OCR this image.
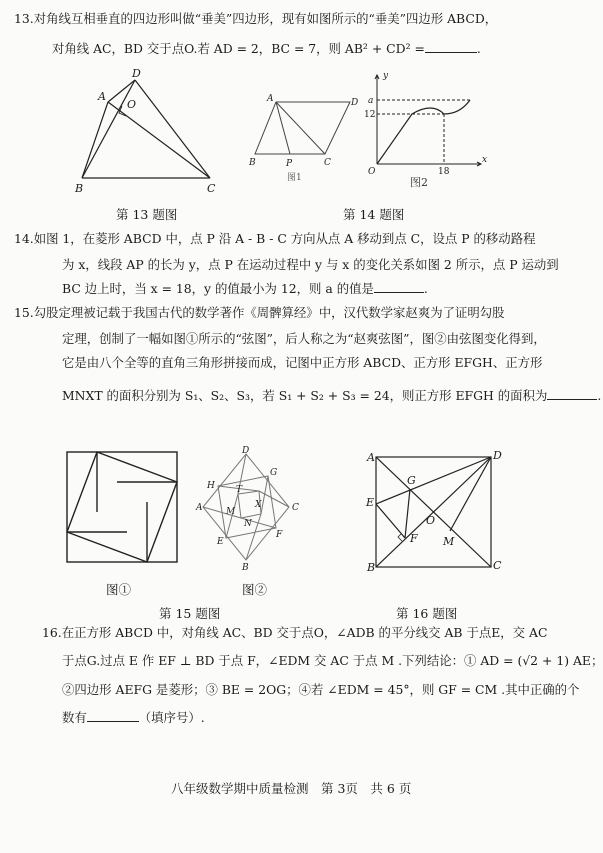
13.对角线互相垂直的四边形叫做“垂美”四边形，现有如图所示的“垂美”四边形 ABCD，
对角线 AC，BD 交于点O.若 AD = 2，BC = 7，则 AB² + CD² =	.
D
A
O
B	C
A	D
B	P	C
图1
y
x
a
12
O	18
图2
第 13 题图	第 14 题图
14.如图 1，在菱形 ABCD 中，点 P 沿 A - B - C 方向从点 A 移动到点 C，设点 P 的移动路程
为 x，线段 AP 的长为 y，点 P 在运动过程中 y 与 x 的变化关系如图 2 所示，点 P 运动到
BC 边上时，当 x = 18，y 的值最小为 12，则 a 的值是	.
15.勾股定理被记载于我国古代的数学著作《周髀算经》中，汉代数学家赵爽为了证明勾股
定理，创制了一幅如图①所示的“弦图”，后人称之为“赵爽弦图”，图②由弦图变化得到，
它是由八个全等的直角三角形拼接而成，记图中正方形 ABCD、正方形 EFGH、正方形
MNXT 的面积分别为 S₁、S₂、S₃，若 S₁ + S₂ + S₃ = 24，则正方形 EFGH 的面积为	.
图①
D
H
G
T
A	C
M
X
E
N
F
B
图②
A	D
G
E
O
F M
B	C
第 15 题图	第 16 题图
16.在正方形 ABCD 中，对角线 AC、BD 交于点O，∠ADB 的平分线交 AB 于点E，交 AC
于点G.过点 E 作 EF ⊥ BD 于点 F，∠EDM 交 AC 于点 M .下列结论：① AD = (√2 + 1) AE；
②四边形 AEFG 是菱形；③ BE = 2OG；④若 ∠EDM = 45°，则 GF = CM .其中正确的个
数有	（填序号）.
八年级数学期中质量检测　第 3页　共 6 页
